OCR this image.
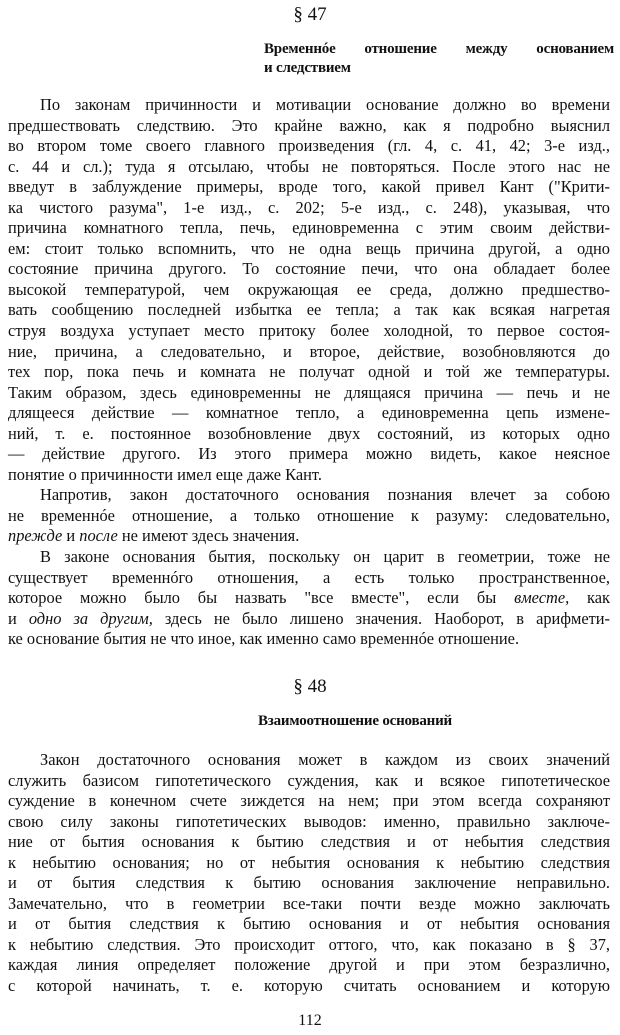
§ 47
Временнóе отношение между основанием
и следствием
По законам причинности и мотивации основание должно во времени
предшествовать следствию. Это крайне важно, как я подробно выяснил
во втором томе своего главного произведения (гл. 4, с. 41, 42; 3-е изд.,
с. 44 и сл.); туда я отсылаю, чтобы не повторяться. После этого нас не
введут в заблуждение примеры, вроде того, какой привел Кант ("Крити-
ка чистого разума", 1-е изд., с. 202; 5-е изд., с. 248), указывая, что
причина комнатного тепла, печь, единовременна с этим своим действи-
ем: стоит только вспомнить, что не одна вещь причина другой, а одно
состояние причина другого. То состояние печи, что она обладает более
высокой температурой, чем окружающая ее среда, должно предшество-
вать сообщению последней избытка ее тепла; а так как всякая нагретая
струя воздуха уступает место притоку более холодной, то первое состоя-
ние, причина, а следовательно, и второе, действие, возобновляются до
тех пор, пока печь и комната не получат одной и той же температуры.
Таким образом, здесь единовременны не длящаяся причина — печь и не
длящееся действие — комнатное тепло, а единовременна цепь измене-
ний, т. е. постоянное возобновление двух состояний, из которых одно
— действие другого. Из этого примера можно видеть, какое неясное
понятие о причинности имел еще даже Кант.
Напротив, закон достаточного основания познания влечет за собою
не временнóе отношение, а только отношение к разуму: следовательно,
прежде и после не имеют здесь значения.
В законе основания бытия, поскольку он царит в геометрии, тоже не
существует временнóго отношения, а есть только пространственное,
которое можно было бы назвать "все вместе", если бы вместе, как
и одно за другим, здесь не было лишено значения. Наоборот, в арифмети-
ке основание бытия не что иное, как именно само временнóе отношение.
§ 48
Взаимоотношение оснований
Закон достаточного основания может в каждом из своих значений
служить базисом гипотетического суждения, как и всякое гипотетическое
суждение в конечном счете зиждется на нем; при этом всегда сохраняют
свою силу законы гипотетических выводов: именно, правильно заключе-
ние от бытия основания к бытию следствия и от небытия следствия
к небытию основания; но от небытия основания к небытию следствия
и от бытия следствия к бытию основания заключение неправильно.
Замечательно, что в геометрии все-таки почти везде можно заключать
и от бытия следствия к бытию основания и от небытия основания
к небытию следствия. Это происходит оттого, что, как показано в § 37,
каждая линия определяет положение другой и при этом безразлично,
с которой начинать, т. е. которую считать основанием и которую
112
